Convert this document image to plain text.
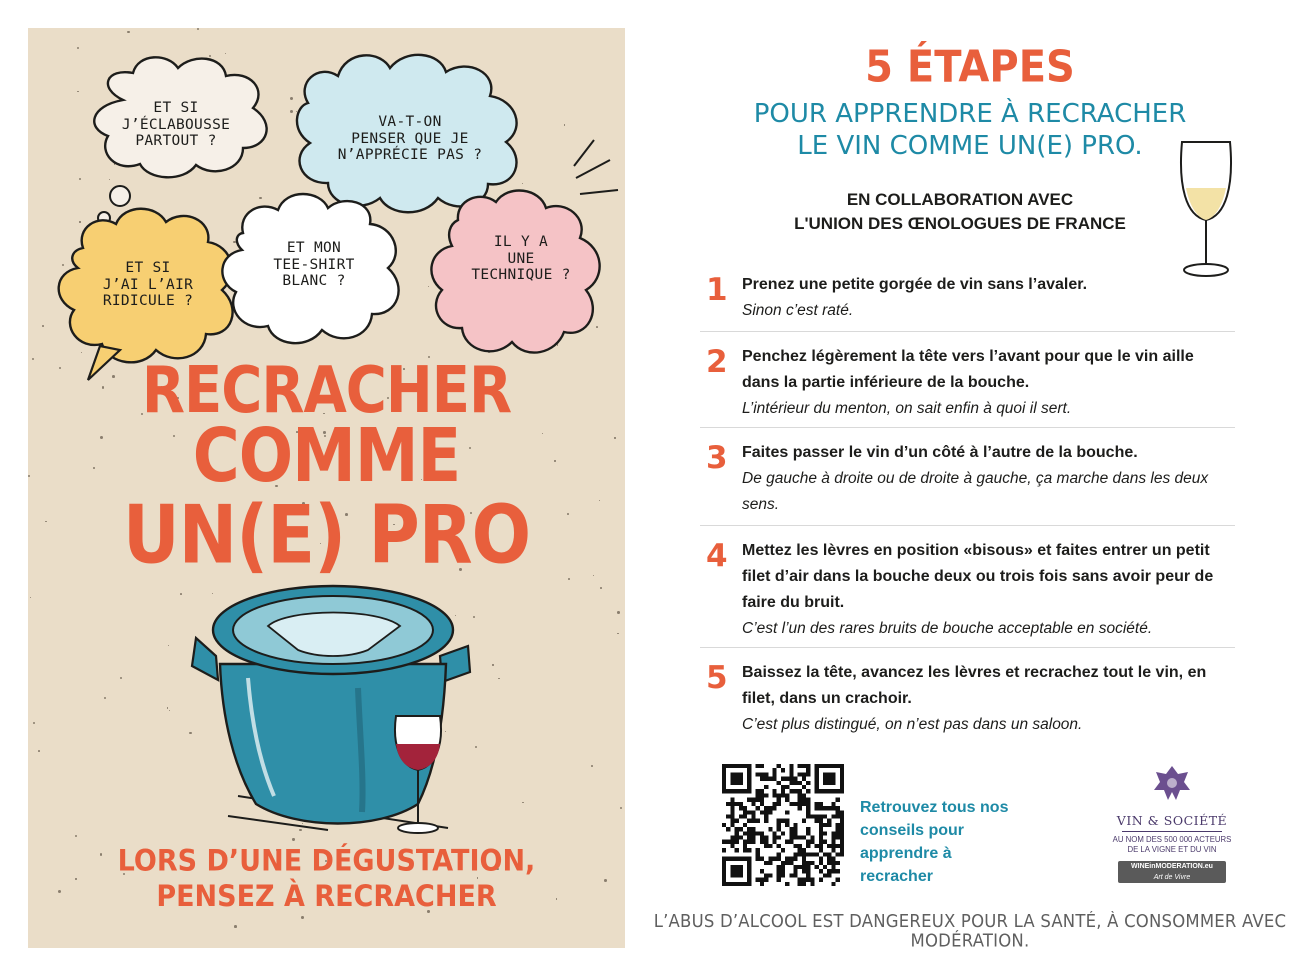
ET SI
J’ÉCLABOUSSE
PARTOUT ?
VA-T-ON
PENSER QUE JE
N’APPRÉCIE PAS ?
ET SI
J’AI L’AIR
RIDICULE ?
ET MON
TEE-SHIRT
BLANC ?
IL Y A
UNE
TECHNIQUE ?
RECRACHER
COMME
UN(E) PRO
LORS D’UNE DÉGUSTATION,
PENSEZ À RECRACHER
5 ÉTAPES
POUR APPRENDRE À RECRACHER
LE VIN COMME UN(E) PRO.
EN COLLABORATION AVEC
L'UNION DES ŒNOLOGUES DE FRANCE
1 Prenez une petite gorgée de vin sans l’avaler.
Sinon c’est raté.
2 Penchez légèrement la tête vers l’avant pour que le vin aille dans la partie inférieure de la bouche.
L’intérieur du menton, on sait enfin à quoi il sert.
3 Faites passer le vin d’un côté à l’autre de la bouche.
De gauche à droite ou de droite à gauche, ça marche dans les deux sens.
4 Mettez les lèvres en position «bisous» et faites entrer un petit filet d’air dans la bouche deux ou trois fois sans avoir peur de faire du bruit.
C’est l’un des rares bruits de bouche acceptable en société.
5 Baissez la tête, avancez les lèvres et recrachez tout le vin, en filet, dans un crachoir.
C’est plus distingué, on n’est pas dans un saloon.
Retrouvez tous nos conseils pour apprendre à recracher
VIN & SOCIÉTÉ
AU NOM DES 500 000 ACTEURS
DE LA VIGNE ET DU VIN
WINEinMODERATION.eu
Art de Vivre
L’ABUS D’ALCOOL EST DANGEREUX POUR LA SANTÉ, À CONSOMMER AVEC MODÉRATION.
